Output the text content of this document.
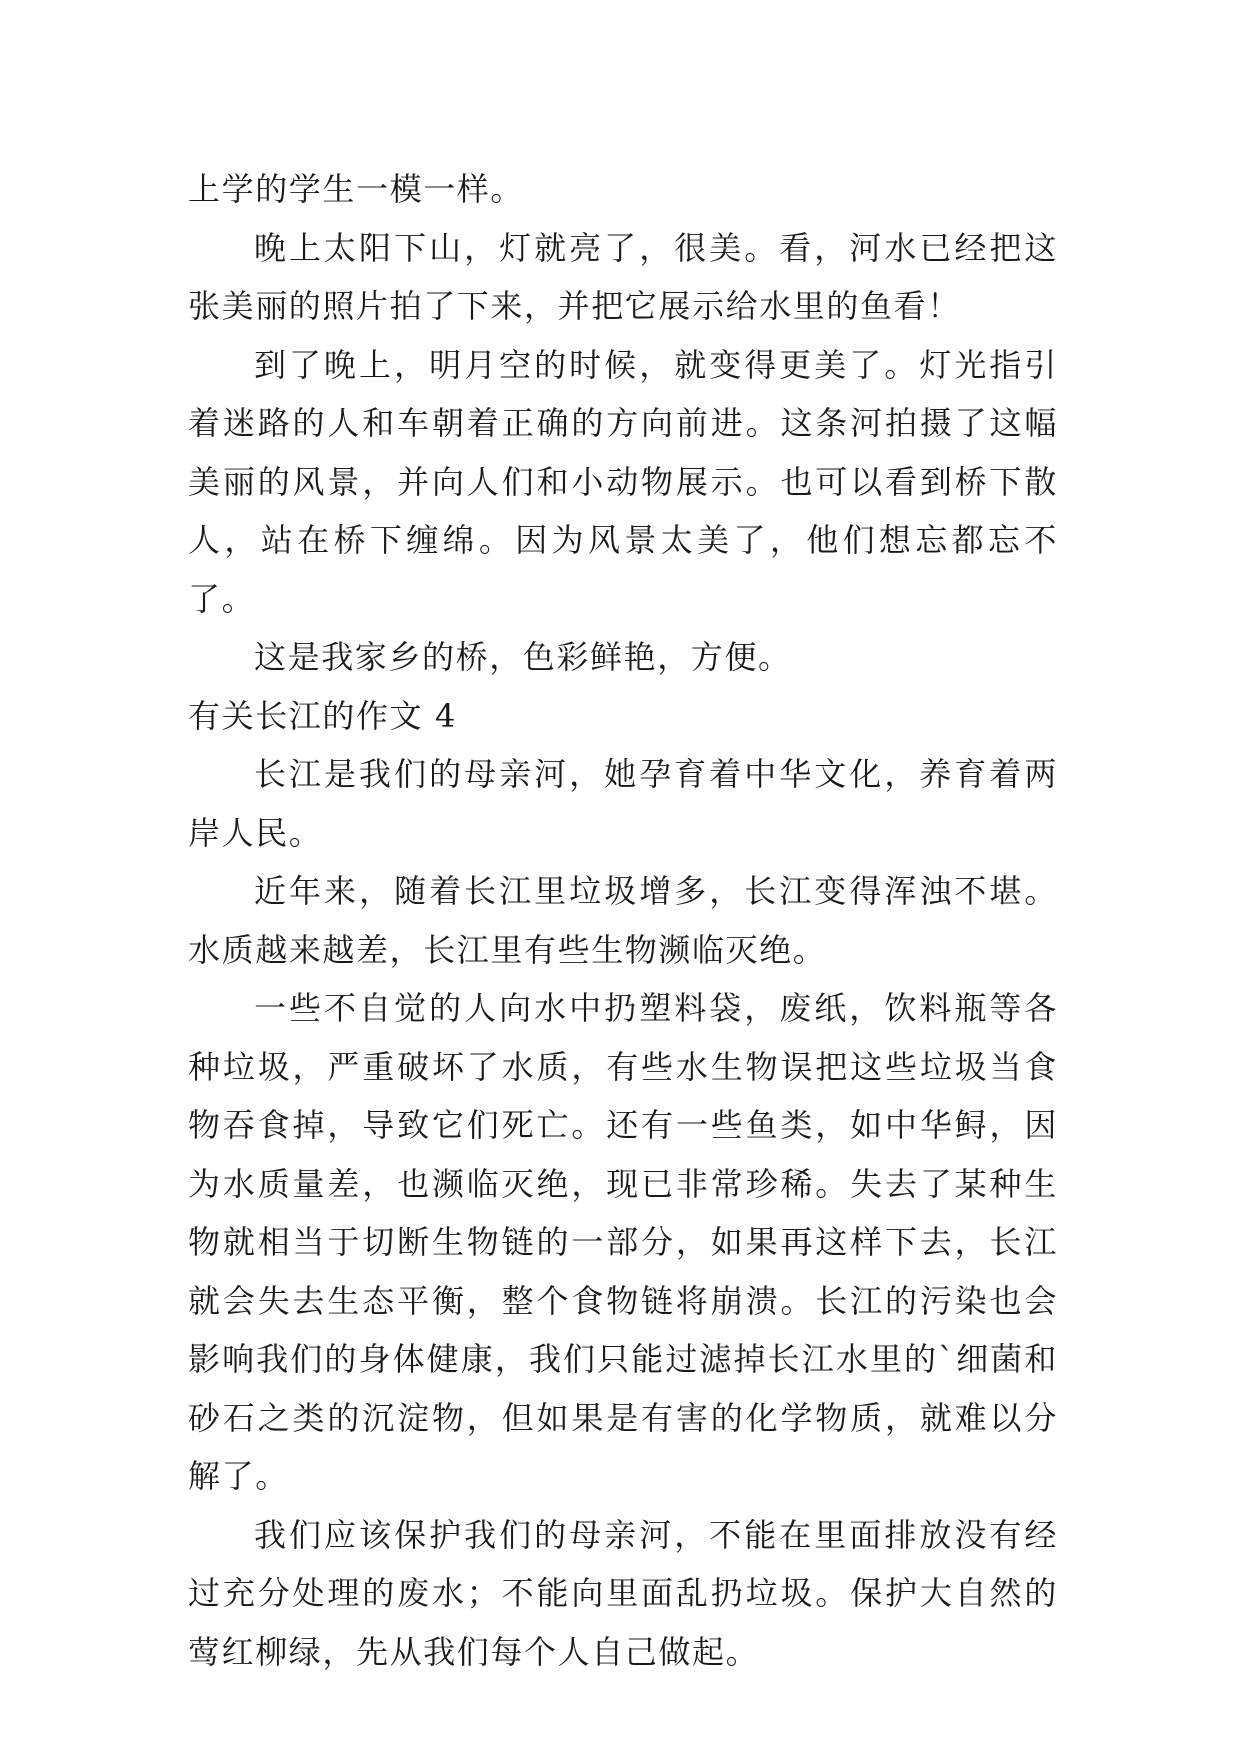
上学的学生一模一样。

晚上太阳下山，灯就亮了，很美。看，河水已经把这张美丽的照片拍了下来，并把它展示给水里的鱼看！

到了晚上，明月空的时候，就变得更美了。灯光指引着迷路的人和车朝着正确的方向前进。这条河拍摄了这幅美丽的风景，并向人们和小动物展示。也可以看到桥下散人，站在桥下缠绵。因为风景太美了，他们想忘都忘不了。

这是我家乡的桥，色彩鲜艳，方便。

有关长江的作文 4

长江是我们的母亲河，她孕育着中华文化，养育着两岸人民。

近年来，随着长江里垃圾增多，长江变得浑浊不堪。水质越来越差，长江里有些生物濒临灭绝。

一些不自觉的人向水中扔塑料袋，废纸，饮料瓶等各种垃圾，严重破坏了水质，有些水生物误把这些垃圾当食物吞食掉，导致它们死亡。还有一些鱼类，如中华鲟，因为水质量差，也濒临灭绝，现已非常珍稀。失去了某种生物就相当于切断生物链的一部分，如果再这样下去，长江就会失去生态平衡，整个食物链将崩溃。长江的污染也会影响我们的身体健康，我们只能过滤掉长江水里的`细菌和砂石之类的沉淀物，但如果是有害的化学物质，就难以分解了。

我们应该保护我们的母亲河，不能在里面排放没有经过充分处理的废水；不能向里面乱扔垃圾。保护大自然的莺红柳绿，先从我们每个人自己做起。
